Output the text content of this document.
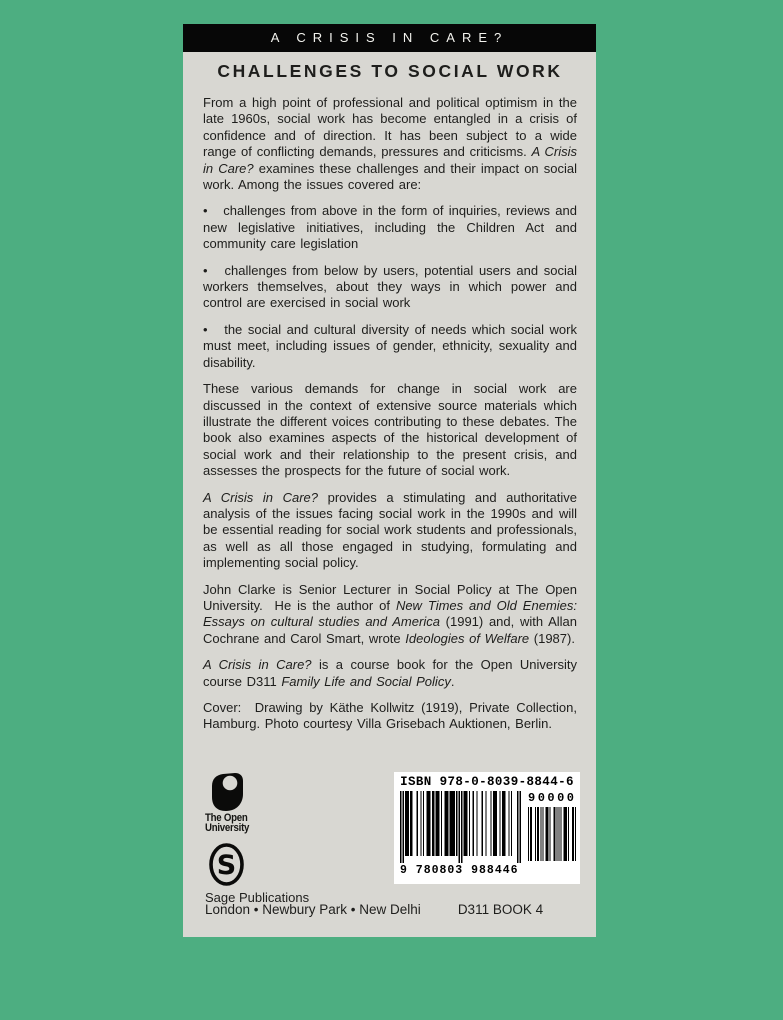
A CRISIS IN CARE?
CHALLENGES TO SOCIAL WORK

From a high point of professional and political optimism in the late 1960s, social work has become entangled in a crisis of confidence and of direction. It has been subject to a wide range of conflicting demands, pressures and criticisms. A Crisis in Care? examines these challenges and their impact on social work. Among the issues covered are:

•   challenges from above in the form of inquiries, reviews and new legislative initiatives, including the Children Act and community care legislation

•   challenges from below by users, potential users and social workers themselves, about they ways in which power and control are exercised in social work

•   the social and cultural diversity of needs which social work must meet, including issues of gender, ethnicity, sexuality and disability.

These various demands for change in social work are discussed in the context of extensive source materials which illustrate the different voices contributing to these debates. The book also examines aspects of the historical development of social work and their relationship to the present crisis, and assesses the prospects for the future of social work.

A Crisis in Care? provides a stimulating and authoritative analysis of the issues facing social work in the 1990s and will be essential reading for social work students and professionals, as well as all those engaged in studying, formulating and implementing social policy.

John Clarke is Senior Lecturer in Social Policy at The Open University.  He is the author of New Times and Old Enemies: Essays on cultural studies and America (1991) and, with Allan Cochrane and Carol Smart, wrote Ideologies of Welfare (1987).

A Crisis in Care? is a course book for the Open University course D311 Family Life and Social Policy.

Cover:  Drawing by Käthe Kollwitz (1919), Private Collection, Hamburg. Photo courtesy Villa Grisebach Auktionen, Berlin.

The Open
University
S
Sage Publications
ISBN 978-0-8039-8844-6
9 780803 988446
90000
London • Newbury Park • New Delhi	D311 BOOK 4
